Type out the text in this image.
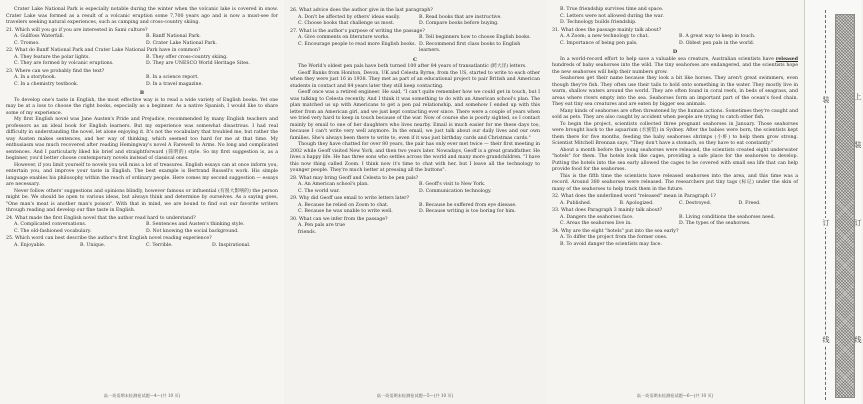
Crater Lake National Park is especially notable during the winter when the volcanic lake is covered in snow. Crater Lake was formed as a result of a volcanic eruption some 7,700 years ago and is now a must-see for travelers seeking natural experiences, such as camping and cross-country skiing.

21. Which will you go if you are interested in Sami culture?

A. Gullfoss Waterfall.	B. Banff National Park.
C. Tromso.	D. Crater Lake National Park.

22. What do Banff National Park and Crater Lake National Park have in common?

A. They feature the polar lights.	B. They offer cross-country skiing.
C. They are formed by volcanic eruptions.	D. They are UNESCO World Heritage Sites.

23. Where can we probably find the text?

A. In a storybook.	B. In a science report.
C. In a chemistry textbook.	D. In a travel magazine.
B

To develop one's taste in English, the most effective way is to read a wide variety of English books. Yet one may be at a loss to choose the right books, especially as a beginner. As a native Spanish, I would like to share some of my experience.

My first English novel was Jane Austen's Pride and Prejudice, recommended by many English teachers and professors as an ideal book for English learners. But my experience was somewhat disastrous. I had real difficulty in understanding the novel, let alone enjoying it. It's not the vocabulary that troubled me, but rather the way Austen makes sentences, and her way of thinking, which seemed too hard for me at that time. My enthusiasm was much recovered after reading Hemingway's novel A Farewell to Arms. No long and complicated sentences. And I particularly liked his brief and straightforward (简明的) style. So my first suggestion is, as a beginner, you'd better choose contemporary novels instead of classical ones.

However, if you limit yourself to novels you will miss a lot of treasures. English essays can at once inform you, entertain you, and improve your taste in English. The best example is Bertrand Russell's work. His simple language enables his philosophy within the reach of ordinary people. Here comes my second suggestion — essays are necessary.

Never follow others' suggestions and opinions blindly, however famous or influential (有很大影响的) the person might be. We should be open to various ideas, but always think and determine by ourselves. As a saying goes, "One man's meat is another man's poison". With that in mind, we are bound to find out our favorite writers through reading and develop our fine taste in English.

24. What made the first English novel that the author read hard to understand?

A. Complicated conversations.	B. Sentences and Austen's thinking style.
C. The old-fashioned vocabulary.	D. Not knowing the social background.

25. Which word can best describe the author's first English novel reading experience?

A. Enjoyable.	B. Unique.	C. Terrible.	D. Inspirational.
高一英语期末检测卷试题—4—(共 10 页)

26. What advice does the author give in the last paragraph?

A. Don't be affected by others' ideas easily.	B. Read books that are instructive.
C. Choose books that challenge us most.	D. Compare books before buying.

27. What is the author's purpose of writing the passage?

A. Give comments on literature works.	B. Tell beginners how to choose English books.
C. Encourage people to read more English books. D. Recommend first class books to English learners.
C

The World's oldest pen pals have both turned 100 after 84 years of transatlantic (跨大洋) letters.

Geoff Banks from Honiton, Devon, UK and Celesta Byrne, from the US, started to write to each other when they were just 16 in 1938. They met as part of an educational project to pair British and American students in contact and 84 years later they still keep contacting.

Geoff once was a retired engineer. He said, "I can't quite remember how we could get in touch, but I was talking to Celesta recently. And I think it was something to do with an American school's plan. The plan matched us up with Americans to get a pen pal relationship, and somehow I ended up with this letter from an American girl, and we just kept contacting ever since. There were a couple of years when we tried very hard to keep in touch because of the war. Now of course she is poorly sighted, so I contact mainly by email to one of her daughters who lives nearby. Email is much easier for me these days too, because I can't write very well anymore. In the email, we just talk about our daily lives and our own families. She's always been there to write to, even if it was just birthday cards and Christmas cards."

Though they have chatted for over 80 years, the pair has only ever met twice — their first meeting in 2002 while Geoff visited New York, and then two years later. Nowadays, Geoff is a great grandfather. He lives a happy life. He has three sons who settles across the world and many more grandchildren. "I have this now thing called Zoom. I think now it's time to chat with her, but I leave all the technology to younger people. They're much better at pressing all the buttons".

28. What may bring Geoff and Celesta to be pen pals?

A. An American school's plan.	B. Geoff's visit to New York.
C. The world war.	D. Communication technology.

29. Why did Geoff use email to write letters later?

A. Because he relied on Zoom to chat.	B. Because he suffered from eye disease.
C. Because he was unable to write well.	D. Because writing is too boring for him.

30. What can we infer from the passage?

A. Pen pals are true friends.
高一英语期末检测卷试题—5—(共 10 页)
B. True friendship survives time and space.
C. Letters were not allowed during the war.
D. Technology builds friendship.

31. What does the passage mainly talk about?

A. A Zoom; a new technology to chat.	B. A great way to keep in touch.
C. Importance of being pen pals.	D. Oldest pen pals in the world.
D

In a world-record effort to help save a valuable sea creature, Australian scientists have released hundreds of baby seahorses into the wild. The tiny seahorses are endangered, and the scientists hope the new seahorses will help their numbers grow.

Seahorses get their name because they look a bit like horses. They aren't great swimmers, even though they're fish. They often use their tails to hold onto something in the water. They mostly live in warm, shallow waters around the world. They are often found in coral reefs, in beds of seagrass, and areas where rivers empty into the sea. Seahorses form an important part of the ocean's food chain. They eat tiny sea creatures and are eaten by bigger sea animals.

Many kinds of seahorses are often threatened by the human actions. Sometimes they're caught and sold as pets. They are also caught by accident when people are trying to catch other fish.

To begin the project, scientists collected three pregnant seahorses in January. Those seahorses were brought back to the aquarium (水族馆) in Sydney. After the babies were born, the scientists kept them there for five months, feeding the baby seahorses shrimps (小虾) to help them grow strong. Scientist Mitchell Brennan says, "They don't have a stomach, so they have to eat constantly."

About a month before the young seahorses were released, the scientists created eight underwater "hotels" for them. The hotels look like cages, providing a safe place for the seahorses to develop. Putting the hotels into the sea early allowed the cages to be covered with small sea life that can help provide food for the seahorses.

This is the fifth time the scientists have released seahorses into the area, and this time was a record. Around 380 seahorses were released. The researchers put tiny tags (标记) under the skin of many of the seahorses to help track them in the future.

32. What does the underlined word "released" mean in Paragraph 1?

A. Published.	B. Apologized.	C. Destroyed.	D. Freed.

33. What does Paragraph 3 mainly talk about?

A. Dangers the seahorses face.	B. Living conditions the seahorses need.
C. Areas the seahorses live in.	D. The types of the seahorses.

34. Why are the eight "hotels" put into the sea early?

A. To differ the project from the former ones.
B. To avoid danger the scientists may face.
高一英语期末检测卷试题—6—(共 10 页)
装
订
线
上
装
订
线
